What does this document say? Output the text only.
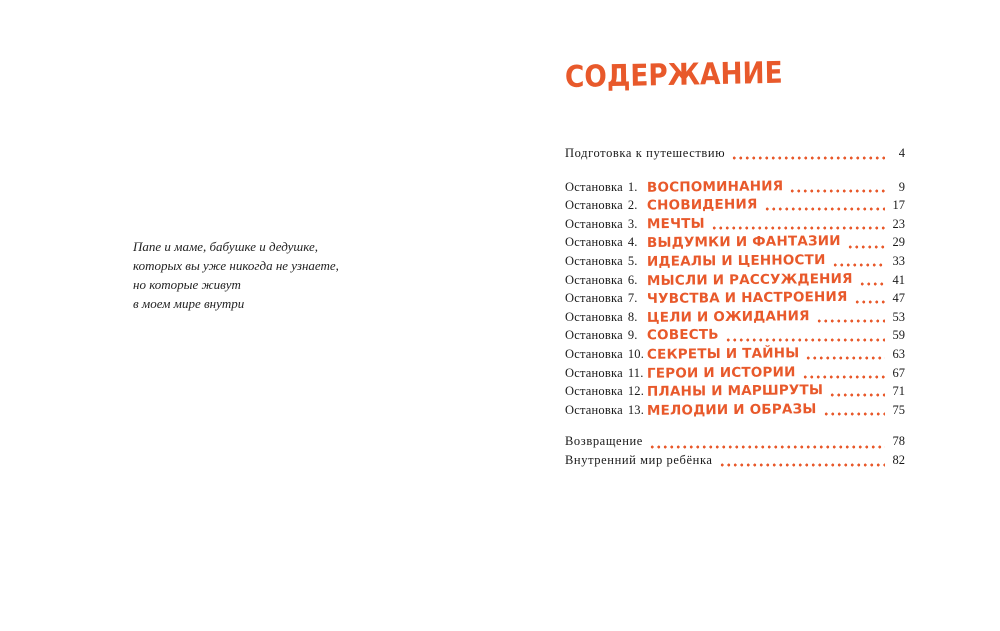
Папе и маме, бабушке и дедушке,
которых вы уже никогда не узнаете,
но которые живут
в моем мире внутри
СОДЕРЖАНИЕ
Подготовка к путешествию	4
Остановка 1. ВОСПОМИНАНИЯ	9
Остановка 2. СНОВИДЕНИЯ	17
Остановка 3. МЕЧТЫ	23
Остановка 4. ВЫДУМКИ И ФАНТАЗИИ	29
Остановка 5. ИДЕАЛЫ И ЦЕННОСТИ	33
Остановка 6. МЫСЛИ И РАССУЖДЕНИЯ	41
Остановка 7. ЧУВСТВА И НАСТРОЕНИЯ	47
Остановка 8. ЦЕЛИ И ОЖИДАНИЯ	53
Остановка 9. СОВЕСТЬ	59
Остановка 10. СЕКРЕТЫ И ТАЙНЫ	63
Остановка 11. ГЕРОИ И ИСТОРИИ	67
Остановка 12. ПЛАНЫ И МАРШРУТЫ	71
Остановка 13. МЕЛОДИИ И ОБРАЗЫ	75
Возвращение	78
Внутренний мир ребёнка	82
